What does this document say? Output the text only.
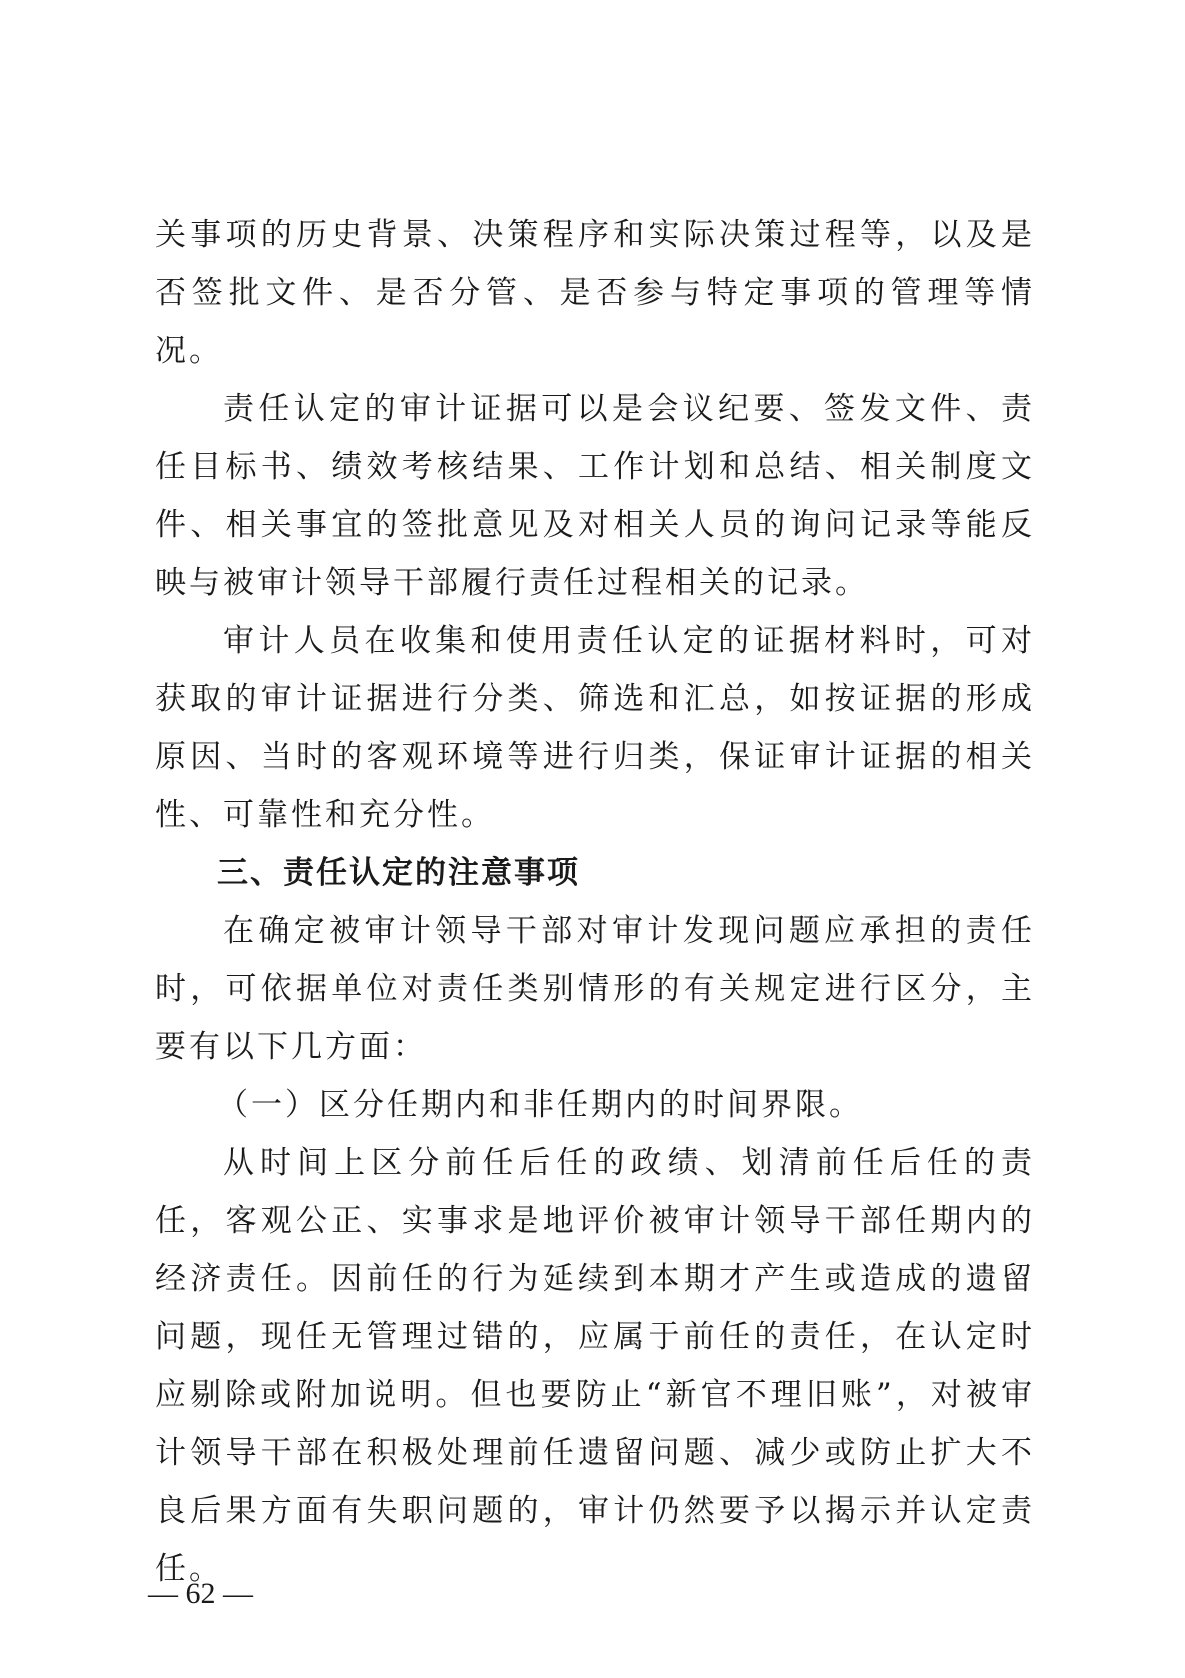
关事项的历史背景、决策程序和实际决策过程等，以及是否签批文件、是否分管、是否参与特定事项的管理等情况。

责任认定的审计证据可以是会议纪要、签发文件、责任目标书、绩效考核结果、工作计划和总结、相关制度文件、相关事宜的签批意见及对相关人员的询问记录等能反映与被审计领导干部履行责任过程相关的记录。

审计人员在收集和使用责任认定的证据材料时，可对获取的审计证据进行分类、筛选和汇总，如按证据的形成原因、当时的客观环境等进行归类，保证审计证据的相关性、可靠性和充分性。

三、责任认定的注意事项

在确定被审计领导干部对审计发现问题应承担的责任时，可依据单位对责任类别情形的有关规定进行区分，主要有以下几方面：

（一）区分任期内和非任期内的时间界限。

从时间上区分前任后任的政绩、划清前任后任的责任，客观公正、实事求是地评价被审计领导干部任期内的经济责任。因前任的行为延续到本期才产生或造成的遗留问题，现任无管理过错的，应属于前任的责任，在认定时应剔除或附加说明。但也要防止“新官不理旧账”，对被审计领导干部在积极处理前任遗留问题、减少或防止扩大不良后果方面有失职问题的，审计仍然要予以揭示并认定责任。

— 62 —
